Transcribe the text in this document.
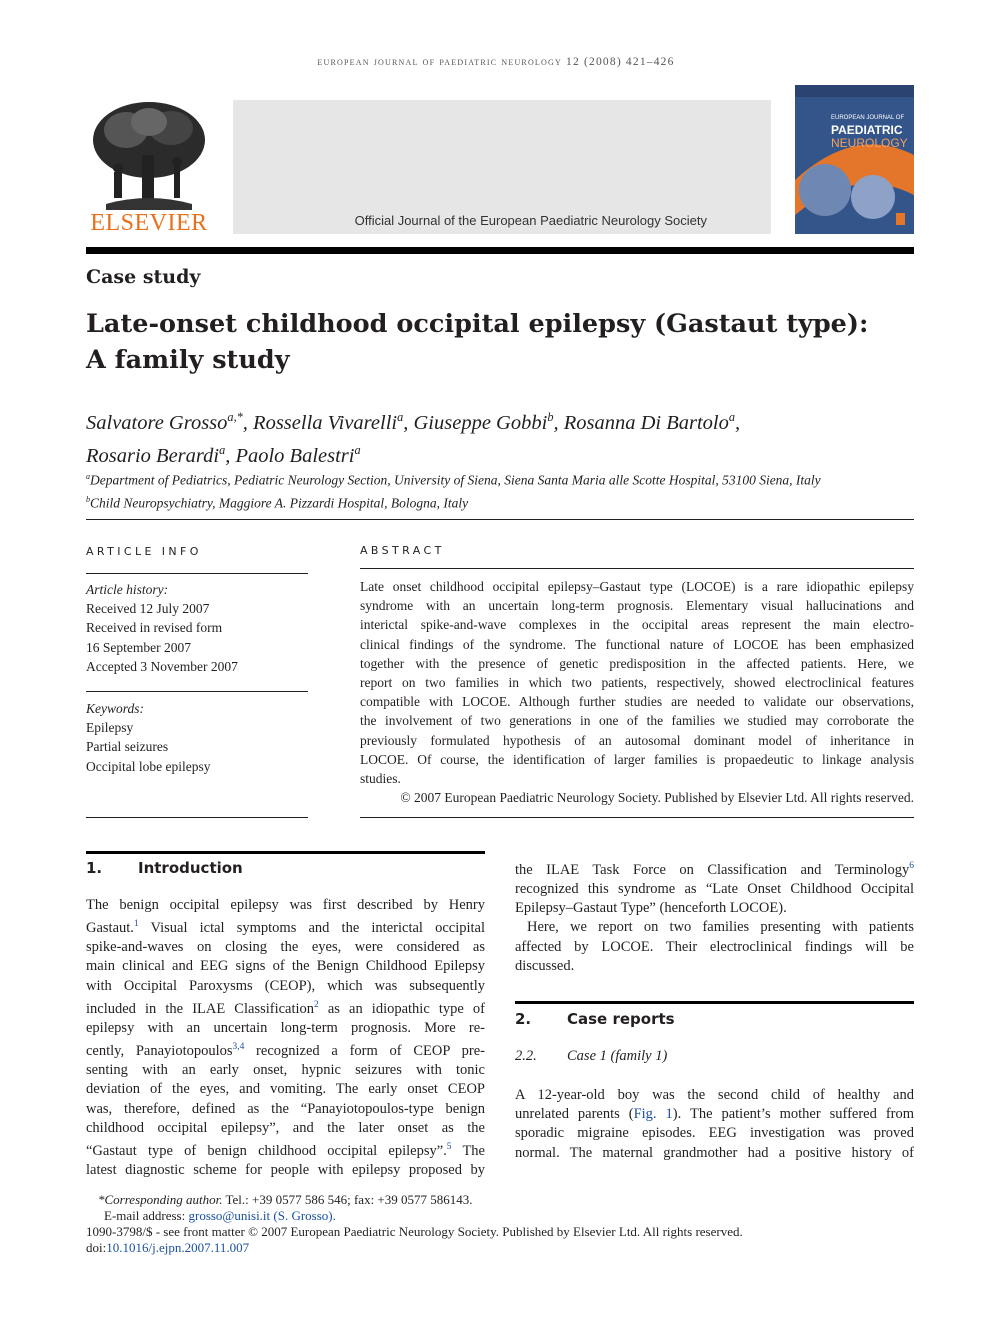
european journal of paediatric neurology 12 (2008) 421–426
ELSEVIER	Official Journal of the European Paediatric Neurology Society
EUROPEAN JOURNAL OF
PAEDIATRIC
NEUROLOGY
Case study
Late-onset childhood occipital epilepsy (Gastaut type):
A family study
Salvatore Grosso$^{a,*}$, Rossella Vivarelli$^a$, Giuseppe Gobbi$^b$, Rosanna Di Bartolo$^a$,
Rosario Berardi$^a$, Paolo Balestri$^a$
$^a$Department of Pediatrics, Pediatric Neurology Section, University of Siena, Siena Santa Maria alle Scotte Hospital, 53100 Siena, Italy
$^b$Child Neuropsychiatry, Maggiore A. Pizzardi Hospital, Bologna, Italy
ARTICLE INFO
Article history:
Received 12 July 2007
Received in revised form
16 September 2007
Accepted 3 November 2007
Keywords:
Epilepsy
Partial seizures
Occipital lobe epilepsy
ABSTRACT
Late onset childhood occipital epilepsy–Gastaut type (LOCOE) is a rare idiopathic epilepsy
syndrome with an uncertain long-term prognosis. Elementary visual hallucinations and
interictal spike-and-wave complexes in the occipital areas represent the main electro-
clinical findings of the syndrome. The functional nature of LOCOE has been emphasized
together with the presence of genetic predisposition in the affected patients. Here, we
report on two families in which two patients, respectively, showed electroclinical features
compatible with LOCOE. Although further studies are needed to validate our observations,
the involvement of two generations in one of the families we studied may corroborate the
previously formulated hypothesis of an autosomal dominant model of inheritance in
LOCOE. Of course, the identification of larger families is propaedeutic to linkage analysis
studies.
© 2007 European Paediatric Neurology Society. Published by Elsevier Ltd. All rights reserved.
1. Introduction
The benign occipital epilepsy was first described by Henry
Gastaut.$^1$ Visual ictal symptoms and the interictal occipital
spike-and-waves on closing the eyes, were considered as
main clinical and EEG signs of the Benign Childhood Epilepsy
with Occipital Paroxysms (CEOP), which was subsequently
included in the ILAE Classification$^2$ as an idiopathic type of
epilepsy with an uncertain long-term prognosis. More re-
cently, Panayiotopoulos$^{3,4}$ recognized a form of CEOP pre-
senting with an early onset, hypnic seizures with tonic
deviation of the eyes, and vomiting. The early onset CEOP
was, therefore, defined as the “Panayiotopoulos-type benign
childhood occipital epilepsy”, and the later onset as the
“Gastaut type of benign childhood occipital epilepsy”.$^5$ The
latest diagnostic scheme for people with epilepsy proposed by
the ILAE Task Force on Classification and Terminology$^6$
recognized this syndrome as “Late Onset Childhood Occipital
Epilepsy–Gastaut Type” (henceforth LOCOE).
Here, we report on two families presenting with patients
affected by LOCOE. Their electroclinical findings will be
discussed.
2. Case reports
2.2. Case 1 (family 1)
A 12-year-old boy was the second child of healthy and
unrelated parents (Fig. 1). The patient’s mother suffered from
sporadic migraine episodes. EEG investigation was proved
normal. The maternal grandmother had a positive history of
*Corresponding author. Tel.: +39 0577 586 546; fax: +39 0577 586143.
E-mail address: grosso@unisi.it (S. Grosso).
1090-3798/$ - see front matter © 2007 European Paediatric Neurology Society. Published by Elsevier Ltd. All rights reserved.
doi:10.1016/j.ejpn.2007.11.007
